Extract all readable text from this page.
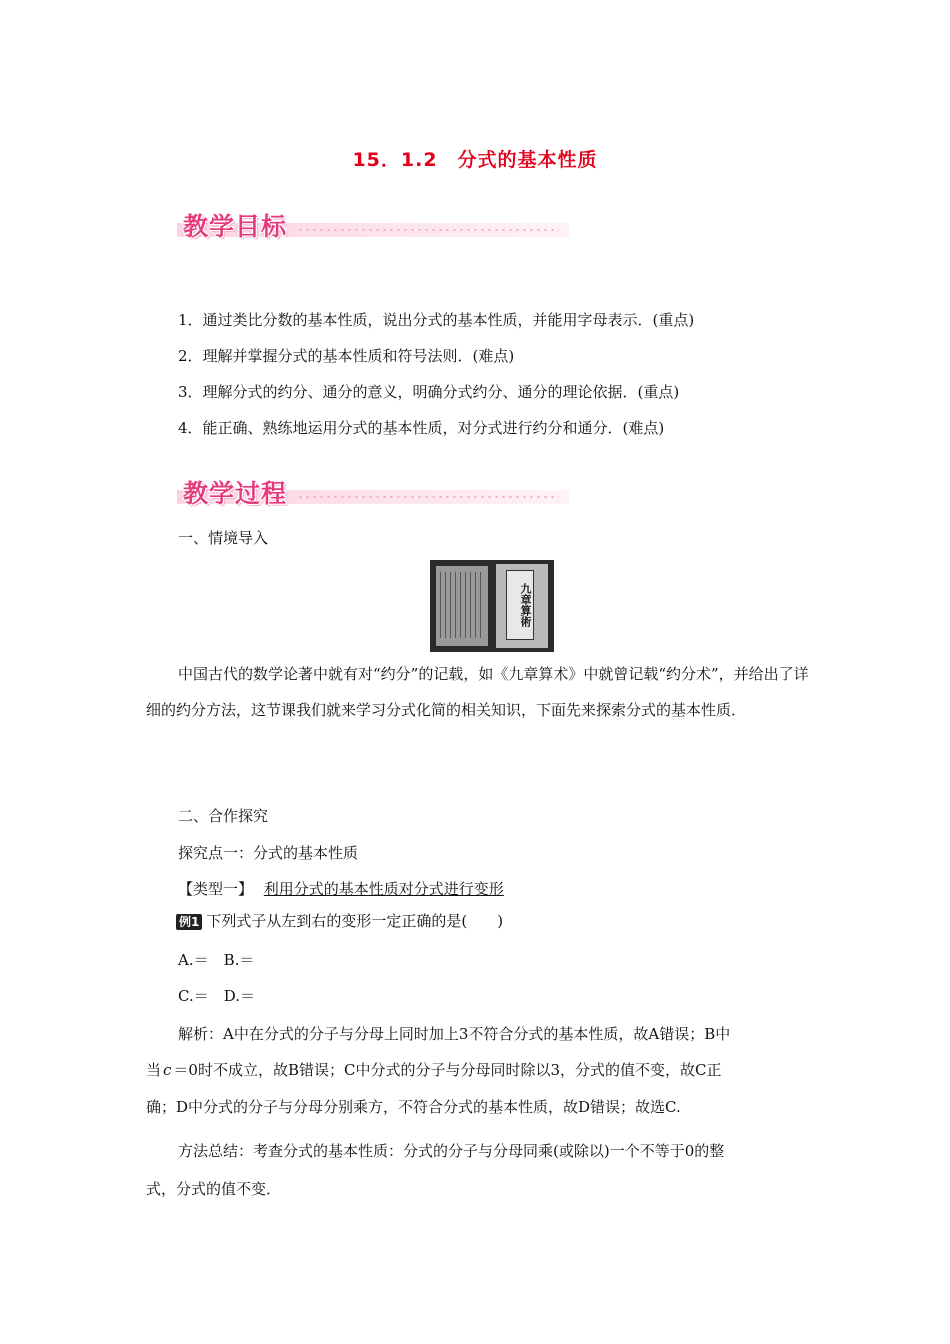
15．1.2　分式的基本性质
教学目标
1．通过类比分数的基本性质，说出分式的基本性质，并能用字母表示．(重点)
2．理解并掌握分式的基本性质和符号法则．(难点)
3．理解分式的约分、通分的意义，明确分式约分、通分的理论依据．(重点)
4．能正确、熟练地运用分式的基本性质，对分式进行约分和通分．(难点)
教学过程
一、情境导入
九章算術
中国古代的数学论著中就有对“约分”的记载，如《九章算术》中就曾记载“约分术”，并给出了详细的约分方法，这节课我们就来学习分式化简的相关知识，下面先来探索分式的基本性质．
二、合作探究
探究点一：分式的基本性质
【类型一】 利用分式的基本性质对分式进行变形
例1 下列式子从左到右的变形一定正确的是(　　)
A.＝　B.＝
C.＝　D.＝
解析：A中在分式的分子与分母上同时加上3不符合分式的基本性质，故A错误；B中
当 c ＝0时不成立，故B错误；C中分式的分子与分母同时除以3，分式的值不变，故C正
确；D中分式的分子与分母分别乘方，不符合分式的基本性质，故D错误；故选C.
方法总结：考查分式的基本性质：分式的分子与分母同乘(或除以)一个不等于0的整
式，分式的值不变．
